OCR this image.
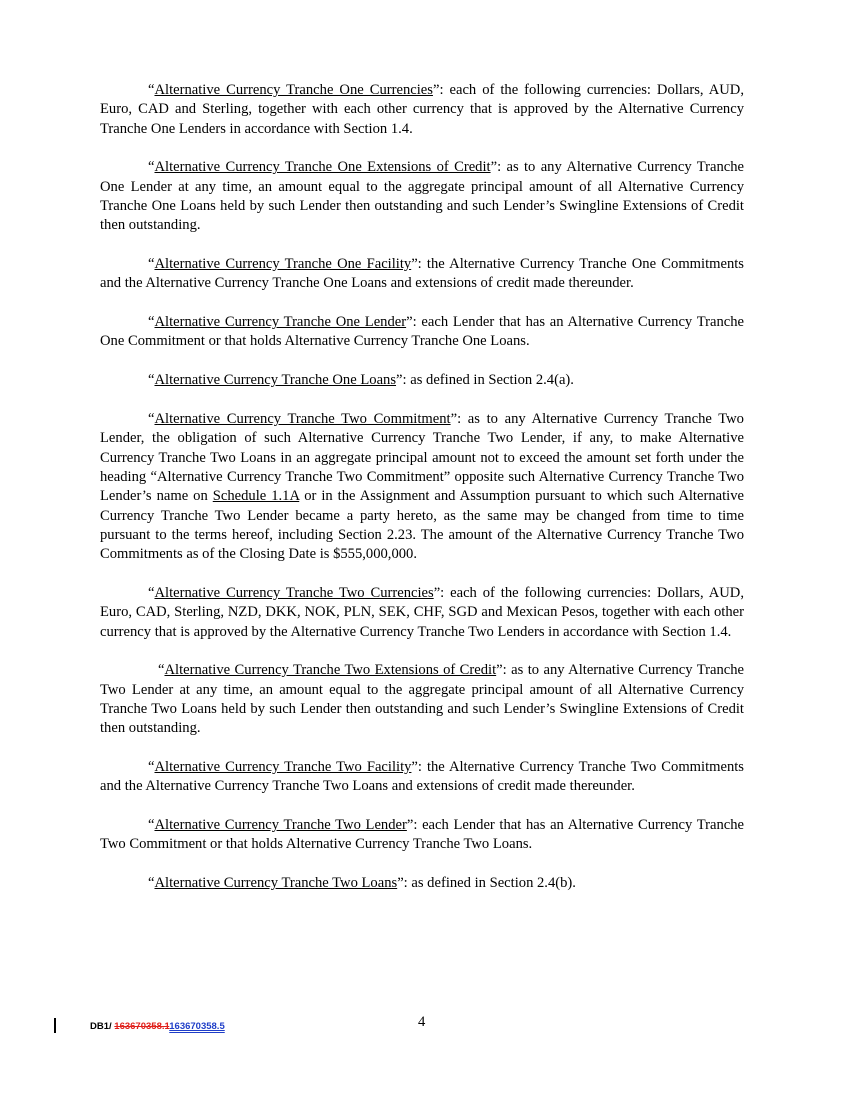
“Alternative Currency Tranche One Currencies”: each of the following currencies: Dollars, AUD, Euro, CAD and Sterling, together with each other currency that is approved by the Alternative Currency Tranche One Lenders in accordance with Section 1.4.

“Alternative Currency Tranche One Extensions of Credit”: as to any Alternative Currency Tranche One Lender at any time, an amount equal to the aggregate principal amount of all Alternative Currency Tranche One Loans held by such Lender then outstanding and such Lender’s Swingline Extensions of Credit then outstanding.

“Alternative Currency Tranche One Facility”: the Alternative Currency Tranche One Commitments and the Alternative Currency Tranche One Loans and extensions of credit made thereunder.

“Alternative Currency Tranche One Lender”: each Lender that has an Alternative Currency Tranche One Commitment or that holds Alternative Currency Tranche One Loans.

“Alternative Currency Tranche One Loans”: as defined in Section 2.4(a).

“Alternative Currency Tranche Two Commitment”: as to any Alternative Currency Tranche Two Lender, the obligation of such Alternative Currency Tranche Two Lender, if any, to make Alternative Currency Tranche Two Loans in an aggregate principal amount not to exceed the amount set forth under the heading “Alternative Currency Tranche Two Commitment” opposite such Alternative Currency Tranche Two Lender’s name on Schedule 1.1A or in the Assignment and Assumption pursuant to which such Alternative Currency Tranche Two Lender became a party hereto, as the same may be changed from time to time pursuant to the terms hereof, including Section 2.23. The amount of the Alternative Currency Tranche Two Commitments as of the Closing Date is $555,000,000.

“Alternative Currency Tranche Two Currencies”: each of the following currencies: Dollars, AUD, Euro, CAD, Sterling, NZD, DKK, NOK, PLN, SEK, CHF, SGD and Mexican Pesos, together with each other currency that is approved by the Alternative Currency Tranche Two Lenders in accordance with Section 1.4.

“Alternative Currency Tranche Two Extensions of Credit”: as to any Alternative Currency Tranche Two Lender at any time, an amount equal to the aggregate principal amount of all Alternative Currency Tranche Two Loans held by such Lender then outstanding and such Lender’s Swingline Extensions of Credit then outstanding.

“Alternative Currency Tranche Two Facility”: the Alternative Currency Tranche Two Commitments and the Alternative Currency Tranche Two Loans and extensions of credit made thereunder.

“Alternative Currency Tranche Two Lender”: each Lender that has an Alternative Currency Tranche Two Commitment or that holds Alternative Currency Tranche Two Loans.

“Alternative Currency Tranche Two Loans”: as defined in Section 2.4(b).

4
DB1/ 163670358.1163670358.5
